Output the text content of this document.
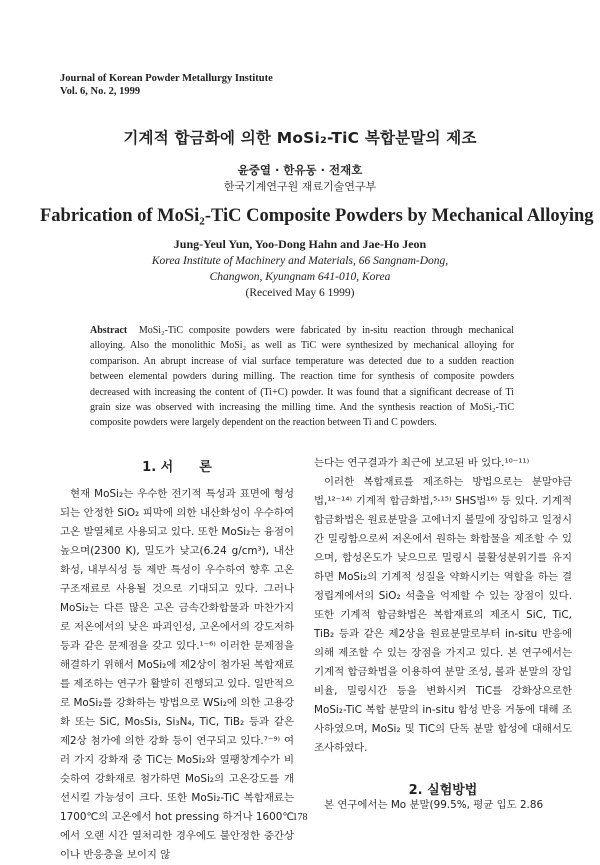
Journal of Korean Powder Metallurgy Institute
Vol. 6, No. 2, 1999
기계적 합금화에 의한 MoSi₂-TiC 복합분말의 제조
윤중열 · 한유동 · 전재호
한국기계연구원 재료기술연구부
Fabrication of MoSi₂-TiC Composite Powders by Mechanical Alloying
Jung-Yeul Yun, Yoo-Dong Hahn and Jae-Ho Jeon
Korea Institute of Machinery and Materials, 66 Sangnam-Dong,
Changwon, Kyungnam 641-010, Korea
(Received May 6 1999)
Abstract MoSi₂-TiC composite powders were fabricated by in-situ reaction through mechanical alloying. Also the monolithic MoSi₂ as well as TiC were synthesized by mechanical alloying for comparison. An abrupt increase of vial surface temperature was detected due to a sudden reaction between elemental powders during milling. The reaction time for synthesis of composite powders decreased with increasing the content of (Ti+C) powder. It was found that a significant decrease of Ti grain size was observed with increasing the milling time. And the synthesis reaction of MoSi₂-TiC composite powders were largely dependent on the reaction between Ti and C powders.
1. 서　　론
현재 MoSi₂는 우수한 전기적 특성과 표면에 형성되는 안정한 SiO₂ 피막에 의한 내산화성이 우수하여 고온 발열체로 사용되고 있다. 또한 MoSi₂는 융점이 높으며(2300 K), 밀도가 낮고(6.24 g/cm³), 내산화성, 내부식성 등 제반 특성이 우수하여 향후 고온 구조재료로 사용될 것으로 기대되고 있다. 그러나 MoSi₂는 다른 많은 고온 금속간화합물과 마찬가지로 저온에서의 낮은 파괴인성, 고온에서의 강도저하 등과 같은 문제점을 갖고 있다.¹⁻⁶⁾ 이러한 문제점을 해결하기 위해서 MoSi₂에 제2상이 첨가된 복합재료를 제조하는 연구가 활발히 진행되고 있다. 일반적으로 MoSi₂를 강화하는 방법으로 WSi₂에 의한 고용강화 또는 SiC, Mo₅Si₃, Si₃N₄, TiC, TiB₂ 등과 같은 제2상 첨가에 의한 강화 등이 연구되고 있다.⁷⁻⁹⁾ 여러 가지 강화재 중 TiC는 MoSi₂와 열팽창계수가 비슷하여 강화재로 첨가하면 MoSi₂의 고온강도를 개선시킬 가능성이 크다. 또한 MoSi₂-TiC 복합재료는 1700℃의 고온에서 hot pressing 하거나 1600℃에서 오랜 시간 열처리한 경우에도 불안정한 중간상이나 반응층을 보이지 않
는다는 연구결과가 최근에 보고된 바 있다.¹⁰⁻¹¹⁾
이러한 복합재료를 제조하는 방법으로는 분말야금법,¹²⁻¹⁴⁾ 기계적 합금화법,⁵·¹⁵⁾ SHS법¹⁶⁾ 등 있다. 기계적 합금화법은 원료분말을 고에너지 볼밀에 장입하고 일정시간 밀링함으로써 저온에서 원하는 화합물을 제조할 수 있으며, 합성온도가 낮으므로 밀링시 불활성분위기를 유지하면 MoSi₂의 기계적 성질을 약화시키는 역할을 하는 결정립계에서의 SiO₂ 석출을 억제할 수 있는 장점이 있다. 또한 기계적 합금화법은 복합재료의 제조시 SiC, TiC, TiB₂ 등과 같은 제2상을 원료분말로부터 in-situ 반응에 의해 제조할 수 있는 장점을 가지고 있다. 본 연구에서는 기계적 합금화법을 이용하여 분말 조성, 볼과 분말의 장입비율, 밀링시간 등을 변화시켜 TiC를 강화상으로한 MoSi₂-TiC 복합 분말의 in-situ 합성 반응 거동에 대해 조사하였으며, MoSi₂ 및 TiC의 단독 분말 합성에 대해서도 조사하였다.
2. 실험방법
본 연구에서는 Mo 분말(99.5%, 평균 입도 2.86
178
